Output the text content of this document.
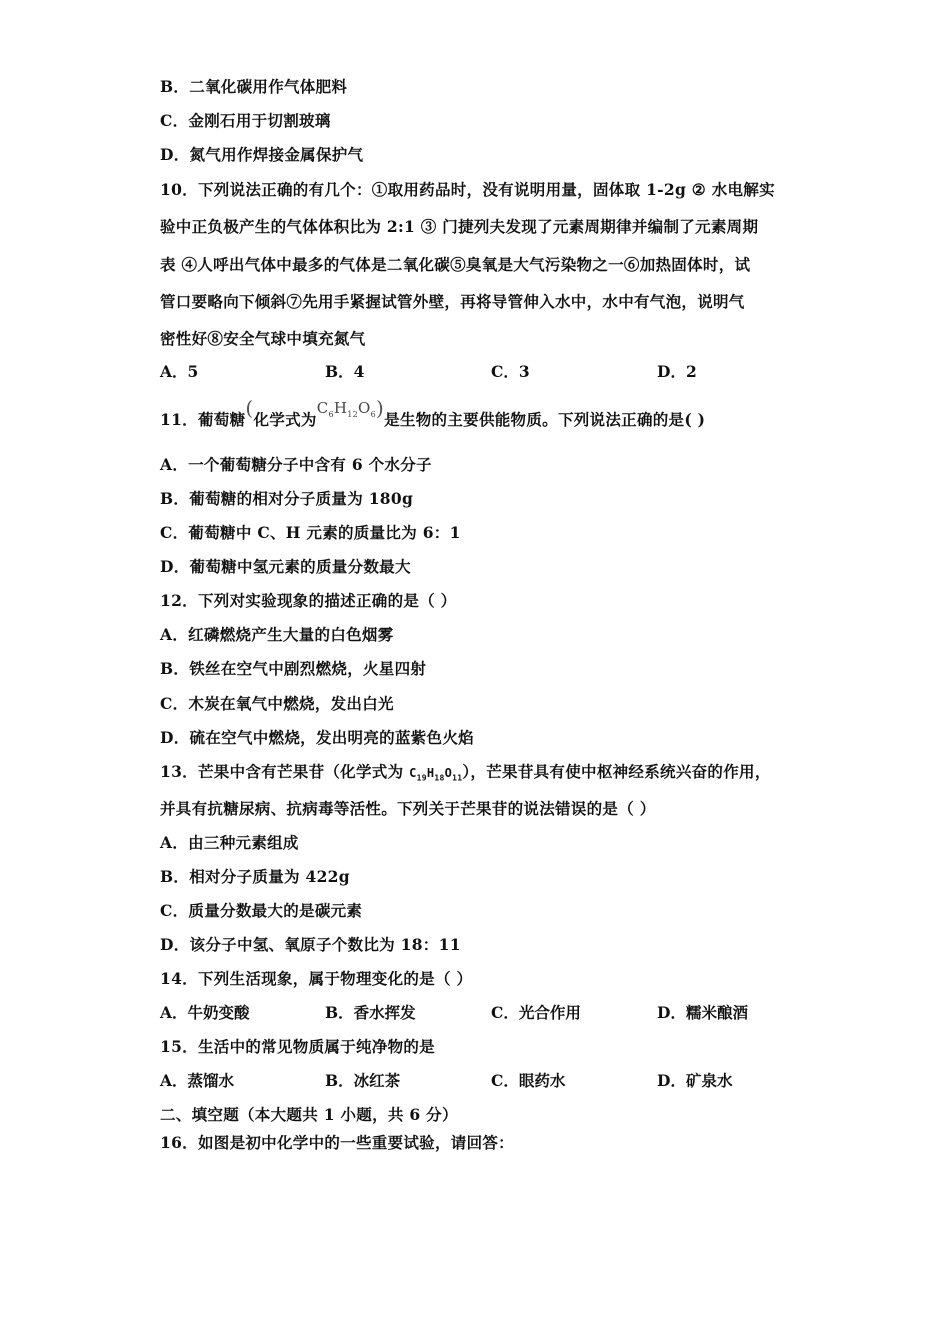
B．二氧化碳用作气体肥料
C．金刚石用于切割玻璃
D．氮气用作焊接金属保护气
10．下列说法正确的有几个：①取用药品时，没有说明用量，固体取 1-2g ② 水电解实
验中正负极产生的气体体积比为 2:1 ③ 门捷列夫发现了元素周期律并编制了元素周期
表 ④人呼出气体中最多的气体是二氧化碳⑤臭氧是大气污染物之一⑥加热固体时，试
管口要略向下倾斜⑦先用手紧握试管外壁，再将导管伸入水中，水中有气泡，说明气
密性好⑧安全气球中填充氮气
A．5	B．4	C．3	D．2
11．葡萄糖(化学式为$C_6H_{12}O_6$)是生物的主要供能物质。下列说法正确的是( )
A．一个葡萄糖分子中含有 6 个水分子
B．葡萄糖的相对分子质量为 180g
C．葡萄糖中 C、H 元素的质量比为 6：1
D．葡萄糖中氢元素的质量分数最大
12．下列对实验现象的描述正确的是（ ）
A．红磷燃烧产生大量的白色烟雾
B．铁丝在空气中剧烈燃烧，火星四射
C．木炭在氧气中燃烧，发出白光
D．硫在空气中燃烧，发出明亮的蓝紫色火焰
13．芒果中含有芒果苷（化学式为 $C_{19}H_{18}O_{11}$），芒果苷具有使中枢神经系统兴奋的作用，
并具有抗糖尿病、抗病毒等活性。下列关于芒果苷的说法错误的是（ ）
A．由三种元素组成
B．相对分子质量为 422g
C．质量分数最大的是碳元素
D．该分子中氢、氧原子个数比为 18：11
14．下列生活现象，属于物理变化的是（ ）
A．牛奶变酸	B．香水挥发	C．光合作用	D．糯米酿酒
15．生活中的常见物质属于纯净物的是
A．蒸馏水	B．冰红茶	C．眼药水	D．矿泉水
二、填空题（本大题共 1 小题，共 6 分）
16．如图是初中化学中的一些重要试验，请回答：
